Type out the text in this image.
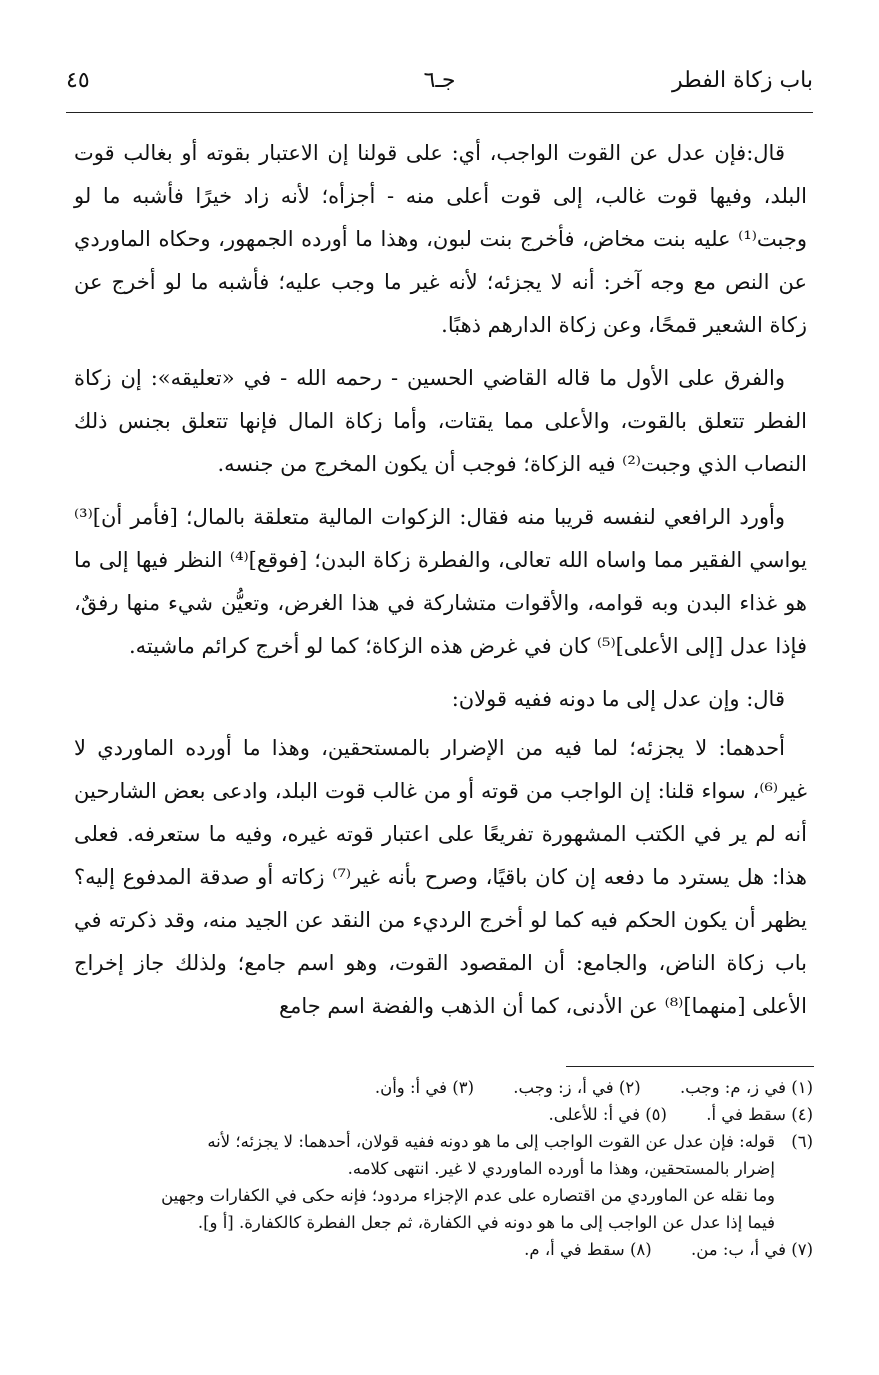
باب زكاة الفطر
جـ٦
٤٥

قال:فإن عدل عن القوت الواجب، أي: على قولنا إن الاعتبار بقوته أو بغالب قوت البلد، وفيها قوت غالب، إلى قوت أعلى منه - أجزأه؛ لأنه زاد خيرًا فأشبه ما لو وجبت⁽¹⁾ عليه بنت مخاض، فأخرج بنت لبون، وهذا ما أورده الجمهور، وحكاه الماوردي عن النص مع وجه آخر: أنه لا يجزئه؛ لأنه غير ما وجب عليه؛ فأشبه ما لو أخرج عن زكاة الشعير قمحًا، وعن زكاة الدارهم ذهبًا.

والفرق على الأول ما قاله القاضي الحسين - رحمه الله - في «تعليقه»: إن زكاة الفطر تتعلق بالقوت، والأعلى مما يقتات، وأما زكاة المال فإنها تتعلق بجنس ذلك النصاب الذي وجبت⁽²⁾ فيه الزكاة؛ فوجب أن يكون المخرج من جنسه.

وأورد الرافعي لنفسه قريبا منه فقال: الزكوات المالية متعلقة بالمال؛ [فأمر أن]⁽³⁾ يواسي الفقير مما واساه الله تعالى، والفطرة زكاة البدن؛ [فوقع]⁽⁴⁾ النظر فيها إلى ما هو غذاء البدن وبه قوامه، والأقوات متشاركة في هذا الغرض، وتعيُّن شيء منها رفقٌ، فإذا عدل [إلى الأعلى]⁽⁵⁾ كان في غرض هذه الزكاة؛ كما لو أخرج كرائم ماشيته.

قال: وإن عدل إلى ما دونه ففيه قولان:

أحدهما: لا يجزئه؛ لما فيه من الإضرار بالمستحقين، وهذا ما أورده الماوردي لا غير⁽⁶⁾، سواء قلنا: إن الواجب من قوته أو من غالب قوت البلد، وادعى بعض الشارحين أنه لم ير في الكتب المشهورة تفريعًا على اعتبار قوته غيره، وفيه ما ستعرفه. فعلى هذا: هل يسترد ما دفعه إن كان باقيًا، وصرح بأنه غير⁽⁷⁾ زكاته أو صدقة المدفوع إليه؟ يظهر أن يكون الحكم فيه كما لو أخرج الرديء من النقد عن الجيد منه، وقد ذكرته في باب زكاة الناض، والجامع: أن المقصود القوت، وهو اسم جامع؛ ولذلك جاز إخراج الأعلى [منهما]⁽⁸⁾ عن الأدنى، كما أن الذهب والفضة اسم جامع

(١) في ز، م: وجب. (٢) في أ، ز: وجب. (٣) في أ: وأن.
(٤) سقط في أ. (٥) في أ: للأعلى.
(٦)قوله: فإن عدل عن القوت الواجب إلى ما هو دونه ففيه قولان، أحدهما: لا يجزئه؛ لأنه
إضرار بالمستحقين، وهذا ما أورده الماوردي لا غير. انتهى كلامه.
وما نقله عن الماوردي من اقتصاره على عدم الإجزاء مردود؛ فإنه حكى في الكفارات وجهين
فيما إذا عدل عن الواجب إلى ما هو دونه في الكفارة، ثم جعل الفطرة كالكفارة. [أ و].
(٧) في أ، ب: من. (٨) سقط في أ، م.
